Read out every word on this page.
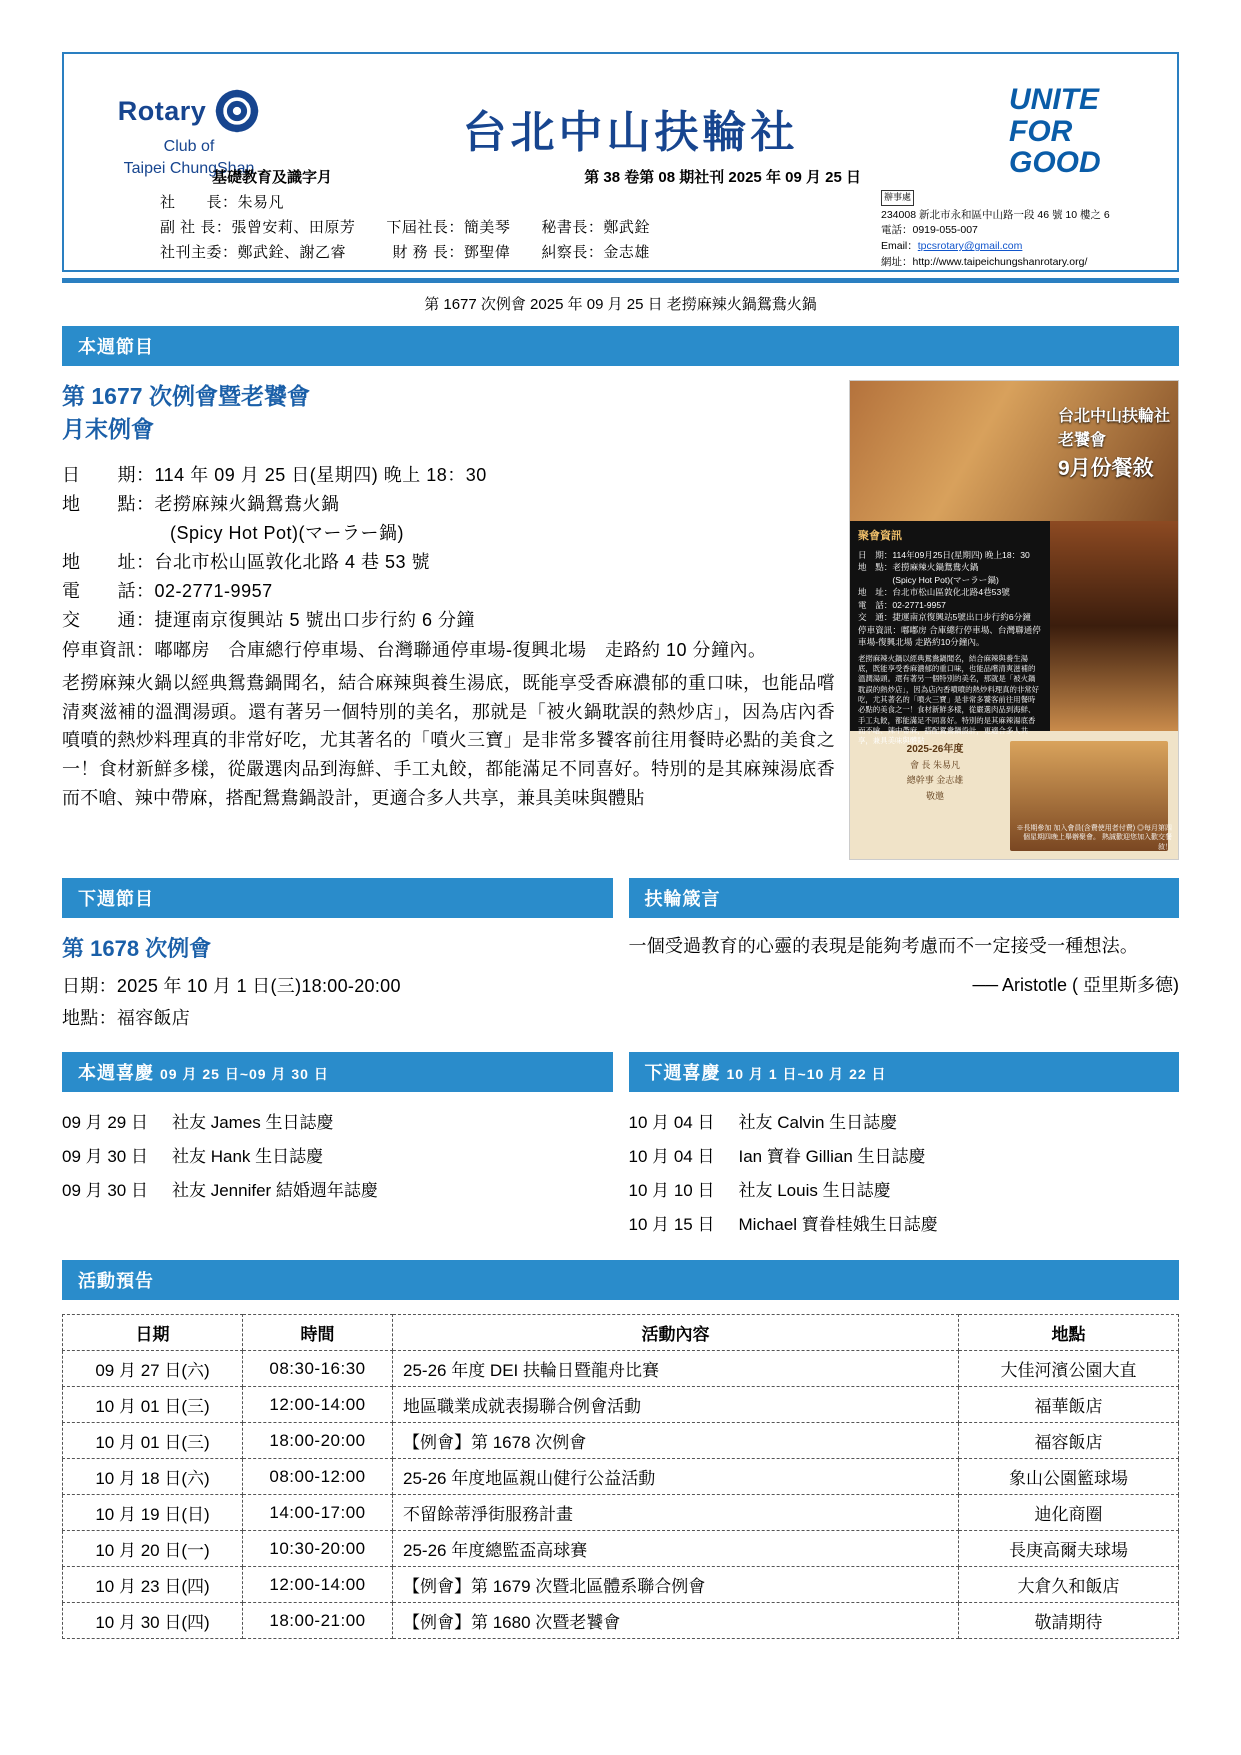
Rotary
Club of
Taipei ChungShan
台北中山扶輪社
UNITE
FOR
GOOD
基礎教育及識字月	第 38 卷第 08 期社刊 2025 年 09 月 25 日
社　　長：朱易凡
副 社 長：張曾安莉、田原芳　　下屆社長：簡美琴　　秘書長：鄭武銓
社刊主委：鄭武銓、謝乙睿　　　財 務 長：鄧聖偉　　糾察長：金志雄
辦事處
234008 新北市永和區中山路一段 46 號 10 樓之 6
電話：0919-055-007
Email：tpcsrotary@gmail.com
網址：http://www.taipeichungshanrotary.org/
第 1677 次例會 2025 年 09 月 25 日 老撈麻辣火鍋鴛鴦火鍋
本週節目
第 1677 次例會暨老饕會
月末例會
日　　期：114 年 09 月 25 日(星期四) 晚上 18：30
地　　點：老撈麻辣火鍋鴛鴦火鍋
(Spicy Hot Pot)(マーラー鍋)
地　　址：台北市松山區敦化北路 4 巷 53 號
電　　話：02-2771-9957
交　　通：捷運南京復興站 5 號出口步行約 6 分鐘
停車資訊：嘟嘟房　合庫總行停車場、台灣聯通停車場-復興北場　走路約 10 分鐘內。
老撈麻辣火鍋以經典鴛鴦鍋聞名，結合麻辣與養生湯底，既能享受香麻濃郁的重口味，也能品嚐清爽滋補的溫潤湯頭。還有著另一個特別的美名，那就是「被火鍋耽誤的熱炒店」，因為店內香噴噴的熱炒料理真的非常好吃，尤其著名的「噴火三寶」是非常多饕客前往用餐時必點的美食之一！食材新鮮多樣，從嚴選肉品到海鮮、手工丸餃，都能滿足不同喜好。特別的是其麻辣湯底香而不嗆、辣中帶麻，搭配鴛鴦鍋設計，更適合多人共享，兼具美味與體貼
台北中山扶輪社
老饕會
9月份餐敘
聚會資訊
日　期：114年09月25日(星期四) 晚上18：30
地　點：老撈麻辣火鍋鴛鴦火鍋
　　　　(Spicy Hot Pot)(マーラー鍋)
地　址：台北市松山區敦化北路4巷53號
電　話：02-2771-9957
交　通：捷運南京復興站5號出口步行約6分鐘
停車資訊：嘟嘟房 合庫總行停車場、台灣聯通停
車場-復興北場 走路約10分鐘內。
老撈麻辣火鍋以經典鴛鴦鍋聞名，結合麻辣與養生湯底，既能享受香麻濃郁的重口味，也能品嚐清爽滋補的溫潤湯頭。還有著另一個特別的美名，那就是「被火鍋耽誤的熱炒店」，因為店內香噴噴的熱炒料理真的非常好吃，尤其著名的「噴火三寶」是非常多饕客前往用餐時必點的美食之一！食材新鮮多樣，從嚴選肉品到海鮮、手工丸餃，都能滿足不同喜好。特別的是其麻辣湯底香而不嗆、辣中帶麻，搭配鴛鴦鍋設計，更適合多人共享，兼具美味與體貼
2025-26年度
會 長 朱易凡
總幹事 金志雄
敬邀
※長期參加 加入會員(含費使用者付費) ◎每月第四個星期四晚上舉辦聚會。 熱誠歡迎您加入歡交餐敘！
下週節目
第 1678 次例會
日期：2025 年 10 月 1 日(三)18:00-20:00
地點：福容飯店
扶輪箴言
一個受過教育的心靈的表現是能夠考慮而不一定接受一種想法。
── Aristotle ( 亞里斯多德)
本週喜慶 09 月 25 日~09 月 30 日
09 月 29 日	社友 James 生日誌慶
09 月 30 日	社友 Hank 生日誌慶
09 月 30 日	社友 Jennifer 結婚週年誌慶
下週喜慶 10 月 1 日~10 月 22 日
10 月 04 日	社友 Calvin 生日誌慶
10 月 04 日	Ian 寶眷 Gillian 生日誌慶
10 月 10 日	社友 Louis 生日誌慶
10 月 15 日	Michael 寶眷桂娥生日誌慶
活動預告
日期	時間	活動內容	地點
09 月 27 日(六)	08:30-16:30	25-26 年度 DEI 扶輪日暨龍舟比賽	大佳河濱公園大直
10 月 01 日(三)	12:00-14:00	地區職業成就表揚聯合例會活動	福華飯店
10 月 01 日(三)	18:00-20:00	【例會】第 1678 次例會	福容飯店
10 月 18 日(六)	08:00-12:00	25-26 年度地區親山健行公益活動	象山公園籃球場
10 月 19 日(日)	14:00-17:00	不留餘蒂淨街服務計畫	迪化商圈
10 月 20 日(一)	10:30-20:00	25-26 年度總監盃高球賽	長庚高爾夫球場
10 月 23 日(四)	12:00-14:00	【例會】第 1679 次暨北區體系聯合例會	大倉久和飯店
10 月 30 日(四)	18:00-21:00	【例會】第 1680 次暨老饕會	敬請期待
